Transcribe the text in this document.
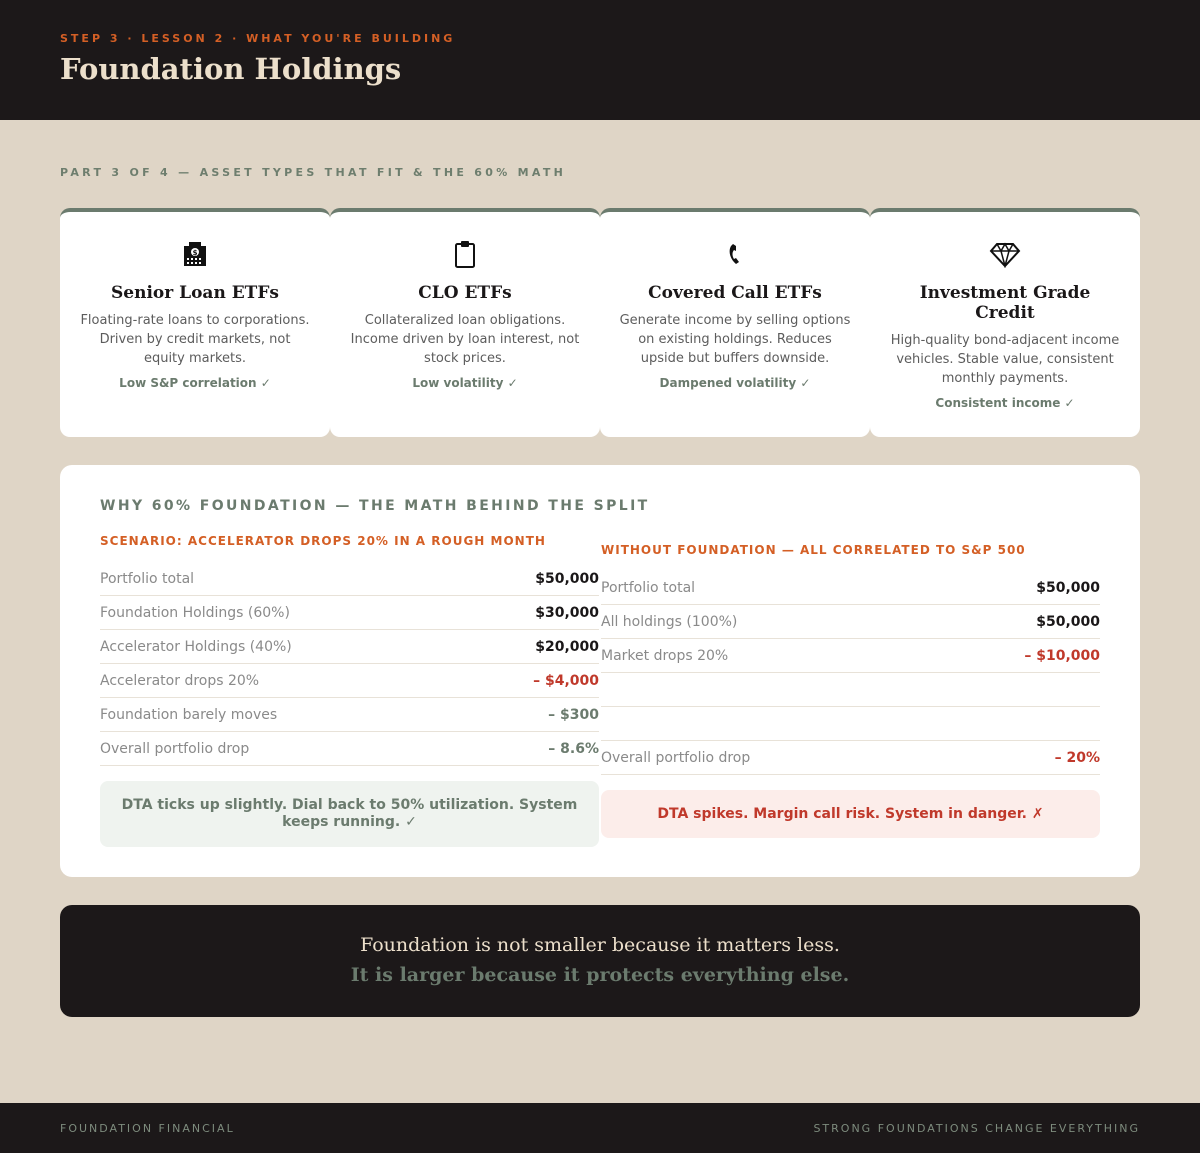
STEP 3 · LESSON 2 · WHAT YOU'RE BUILDING
Foundation Holdings
PART 3 OF 4 — ASSET TYPES THAT FIT & THE 60% MATH
$
Senior Loan ETFs
Floating-rate loans to corporations. Driven by credit markets, not equity markets.
Low S&P correlation ✓
CLO ETFs
Collateralized loan obligations. Income driven by loan interest, not stock prices.
Low volatility ✓
Covered Call ETFs
Generate income by selling options on existing holdings. Reduces upside but buffers downside.
Dampened volatility ✓
Investment Grade Credit
High-quality bond-adjacent income vehicles. Stable value, consistent monthly payments.
Consistent income ✓
WHY 60% FOUNDATION — THE MATH BEHIND THE SPLIT
SCENARIO: ACCELERATOR DROPS 20% IN A ROUGH MONTH
Portfolio total	$50,000
Foundation Holdings (60%)	$30,000
Accelerator Holdings (40%)	$20,000
Accelerator drops 20%	– $4,000
Foundation barely moves	– $300
Overall portfolio drop	– 8.6%
DTA ticks up slightly. Dial back to 50% utilization. System keeps running. ✓
WITHOUT FOUNDATION — ALL CORRELATED TO S&P 500
Portfolio total	$50,000
All holdings (100%)	$50,000
Market drops 20%	– $10,000
Overall portfolio drop	– 20%
DTA spikes. Margin call risk. System in danger. ✗
Foundation is not smaller because it matters less.
It is larger because it protects everything else.
FOUNDATION FINANCIAL	STRONG FOUNDATIONS CHANGE EVERYTHING
